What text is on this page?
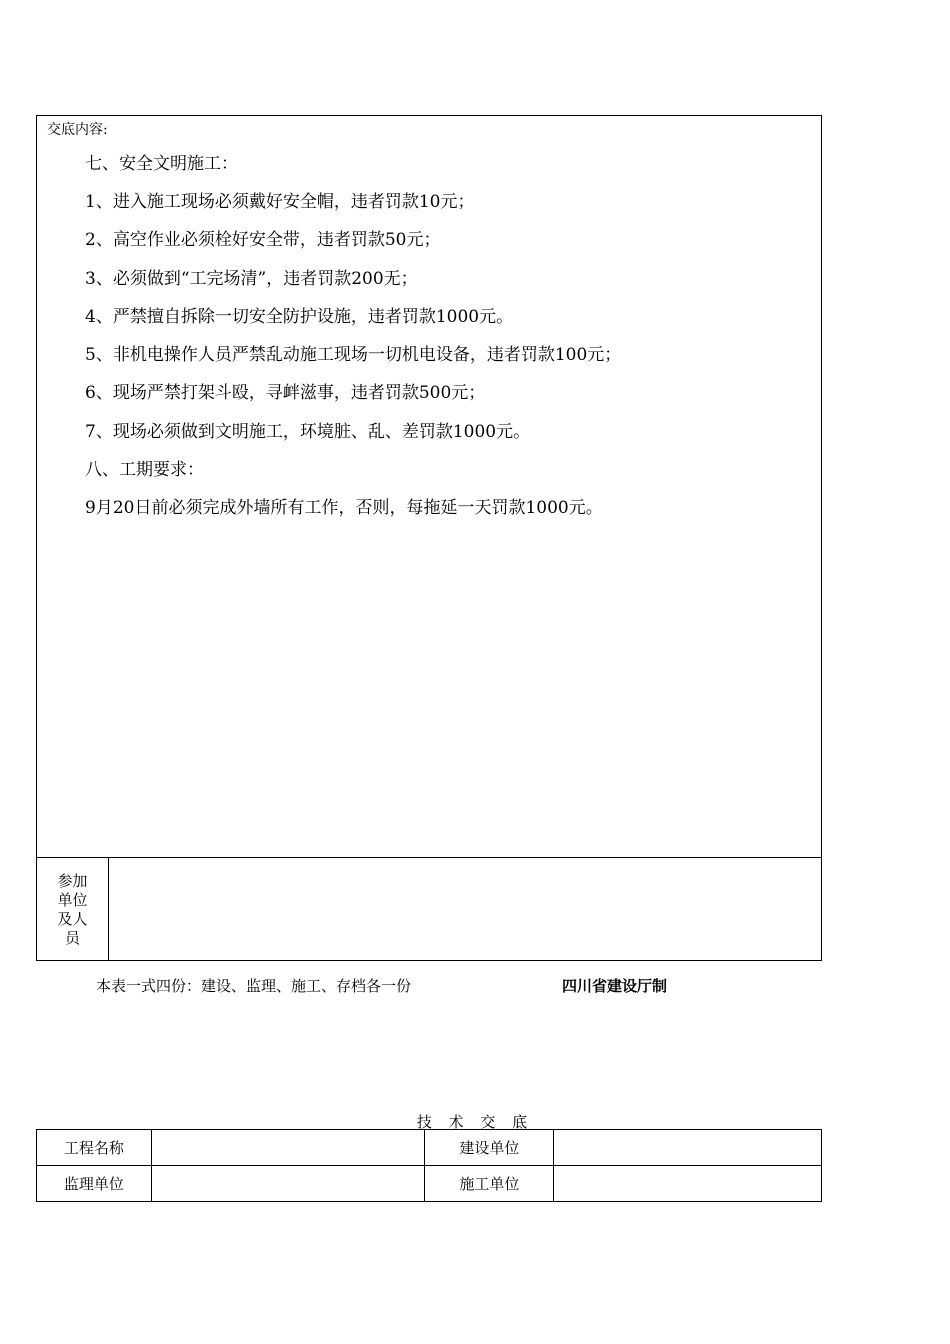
交底内容:
七、安全文明施工：
1、进入施工现场必须戴好安全帽，违者罚款10元；
2、高空作业必须栓好安全带，违者罚款50元；
3、必须做到“工完场清”，违者罚款200无；
4、严禁擅自拆除一切安全防护设施，违者罚款1000元。
5、非机电操作人员严禁乱动施工现场一切机电设备，违者罚款100元；
6、现场严禁打架斗殴，寻衅滋事，违者罚款500元；
7、现场必须做到文明施工，环境脏、乱、差罚款1000元。
八、工期要求：
9月20日前必须完成外墙所有工作，否则，每拖延一天罚款1000元。
参加
单位
及人
员
本表一式四份：建设、监理、施工、存档各一份	四川省建设厅制
技 术 交 底
工程名称		建设单位	
监理单位		施工单位	
